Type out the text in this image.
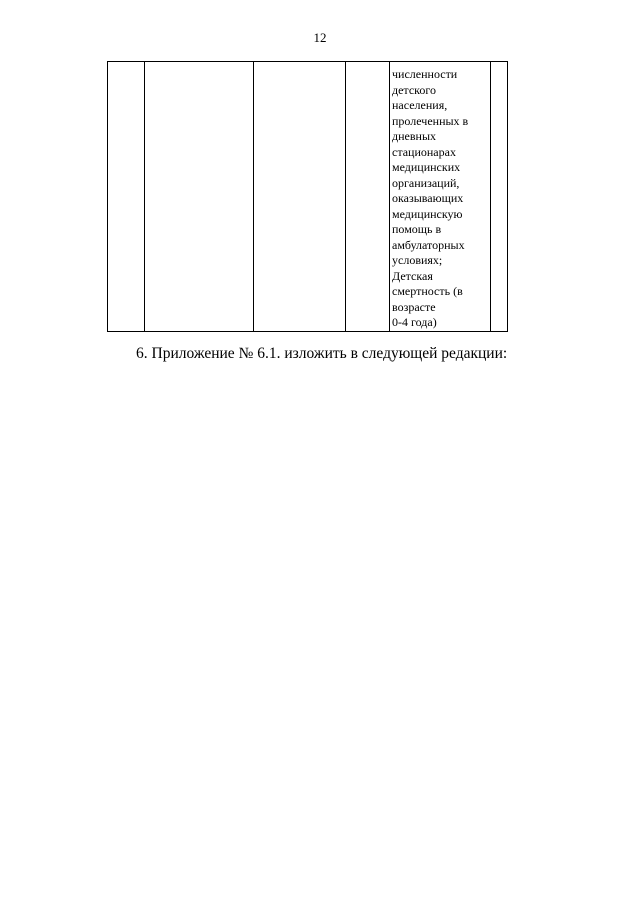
12
				численности
детского
населения,
пролеченных в
дневных
стационарах
медицинских
организаций,
оказывающих
медицинскую
помощь в
амбулаторных
условиях;
Детская
смертность (в
возрасте
0-4 года)	
6. Приложение № 6.1. изложить в следующей редакции:
